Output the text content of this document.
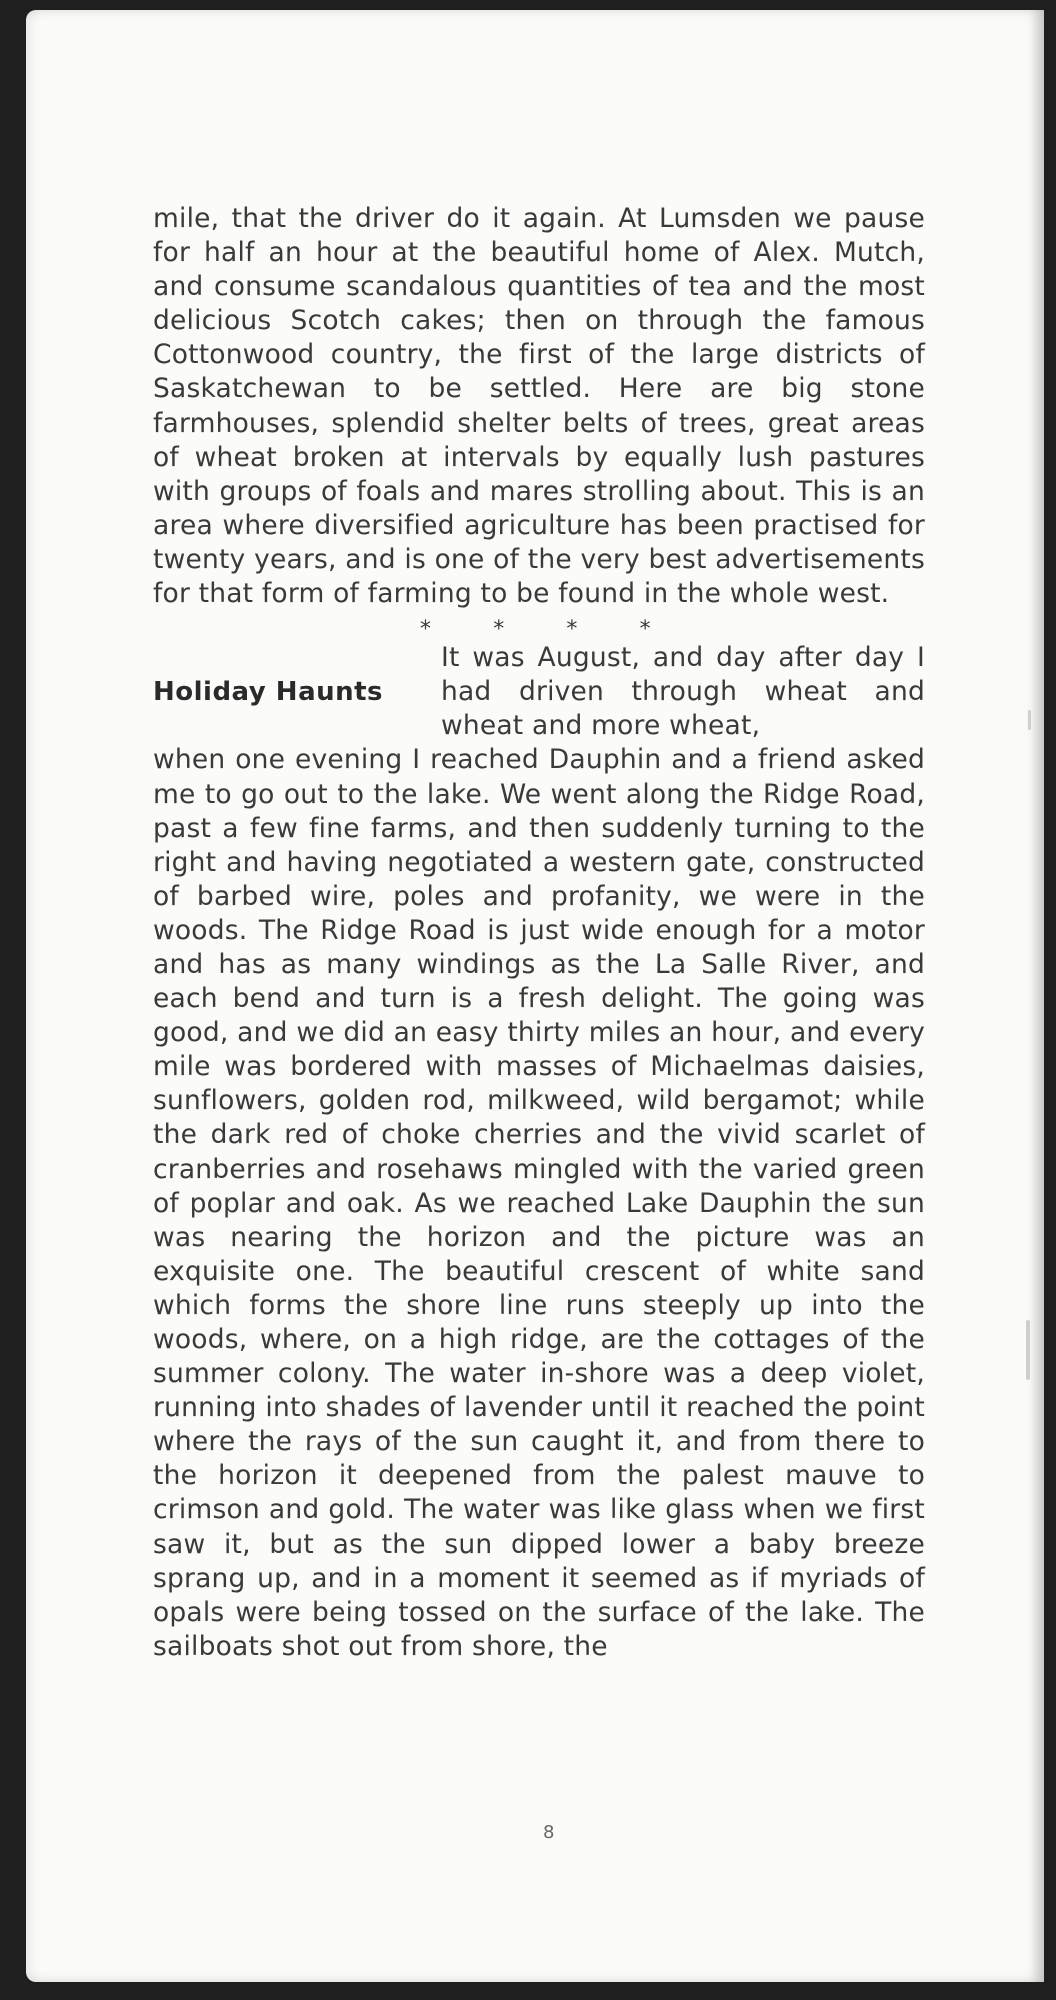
mile, that the driver do it again. At Lumsden we pause for half an hour at the beautiful home of Alex. Mutch, and consume scandalous quantities of tea and the most delicious Scotch cakes; then on through the famous Cottonwood country, the first of the large districts of Saskatchewan to be settled. Here are big stone farmhouses, splendid shelter belts of trees, great areas of wheat broken at intervals by equally lush pastures with groups of foals and mares strolling about. This is an area where diversified agriculture has been practised for twenty years, and is one of the very best advertisements for that form of farming to be found in the whole west.

*	*	*	*
Holiday Haunts

It was August, and day after day I had driven through wheat and wheat and more wheat,

when one evening I reached Dauphin and a friend asked me to go out to the lake. We went along the Ridge Road, past a few fine farms, and then suddenly turning to the right and having negotiated a western gate, constructed of barbed wire, poles and profanity, we were in the woods. The Ridge Road is just wide enough for a motor and has as many windings as the La Salle River, and each bend and turn is a fresh delight. The going was good, and we did an easy thirty miles an hour, and every mile was bordered with masses of Michaelmas daisies, sunflowers, golden rod, milkweed, wild bergamot; while the dark red of choke cherries and the vivid scarlet of cranberries and rosehaws mingled with the varied green of poplar and oak. As we reached Lake Dauphin the sun was nearing the horizon and the picture was an exquisite one. The beautiful crescent of white sand which forms the shore line runs steeply up into the woods, where, on a high ridge, are the cottages of the summer colony. The water in-shore was a deep violet, running into shades of lavender until it reached the point where the rays of the sun caught it, and from there to the horizon it deepened from the palest mauve to crimson and gold. The water was like glass when we first saw it, but as the sun dipped lower a baby breeze sprang up, and in a moment it seemed as if myriads of opals were being tossed on the surface of the lake. The sailboats shot out from shore, the

8
